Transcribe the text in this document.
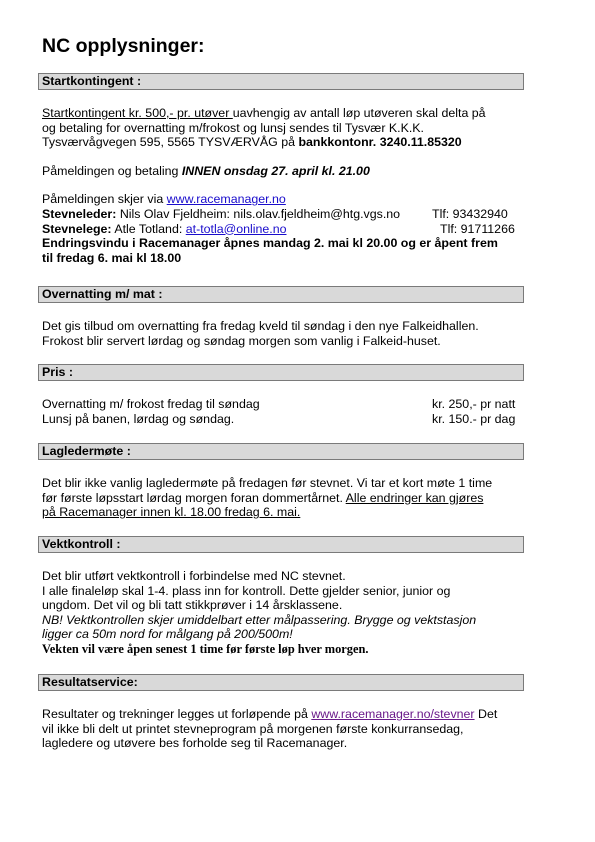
NC opplysninger:
Startkontingent :

Startkontingent kr. 500,- pr. utøver uavhengig av antall løp utøveren skal delta på

og betaling for overnatting m/frokost og lunsj sendes til Tysvær K.K.K.

Tysværvågvegen 595, 5565 TYSVÆRVÅG på bankkontonr. 3240.11.85320

Påmeldingen og betaling INNEN onsdag 27. april kl. 21.00

Påmeldingen skjer via www.racemanager.no

Stevneleder: Nils Olav Fjeldheim: nils.olav.fjeldheim@htg.vgs.no	Tlf: 93432940
Stevnelege: Atle Totland: at-totla@online.no	Tlf: 91711266

Endringsvindu i Racemanager åpnes mandag 2. mai kl 20.00 og er åpent frem

til fredag 6. mai kl 18.00

Overnatting m/ mat :

Det gis tilbud om overnatting fra fredag kveld til søndag i den nye Falkeidhallen.

Frokost blir servert lørdag og søndag morgen som vanlig i Falkeid-huset.

Pris :
Overnatting m/ frokost fredag til søndag	kr. 250,- pr natt
Lunsj på banen, lørdag og søndag.	kr. 150.- pr dag
Lagledermøte :

Det blir ikke vanlig lagledermøte på fredagen før stevnet. Vi tar et kort møte 1 time

før første løpsstart lørdag morgen foran dommertårnet. Alle endringer kan gjøres

på Racemanager innen kl. 18.00 fredag 6. mai.

Vektkontroll :

Det blir utført vektkontroll i forbindelse med NC stevnet.

I alle finaleløp skal 1-4. plass inn for kontroll. Dette gjelder senior, junior og

ungdom. Det vil og bli tatt stikkprøver i 14 årsklassene.

NB! Vektkontrollen skjer umiddelbart etter målpassering. Brygge og vektstasjon

ligger ca 50m nord for målgang på 200/500m!

Vekten vil være åpen senest 1 time før første løp hver morgen.

Resultatservice:

Resultater og trekninger legges ut forløpende på www.racemanager.no/stevner Det

vil ikke bli delt ut printet stevneprogram på morgenen første konkurransedag,

lagledere og utøvere bes forholde seg til Racemanager.
